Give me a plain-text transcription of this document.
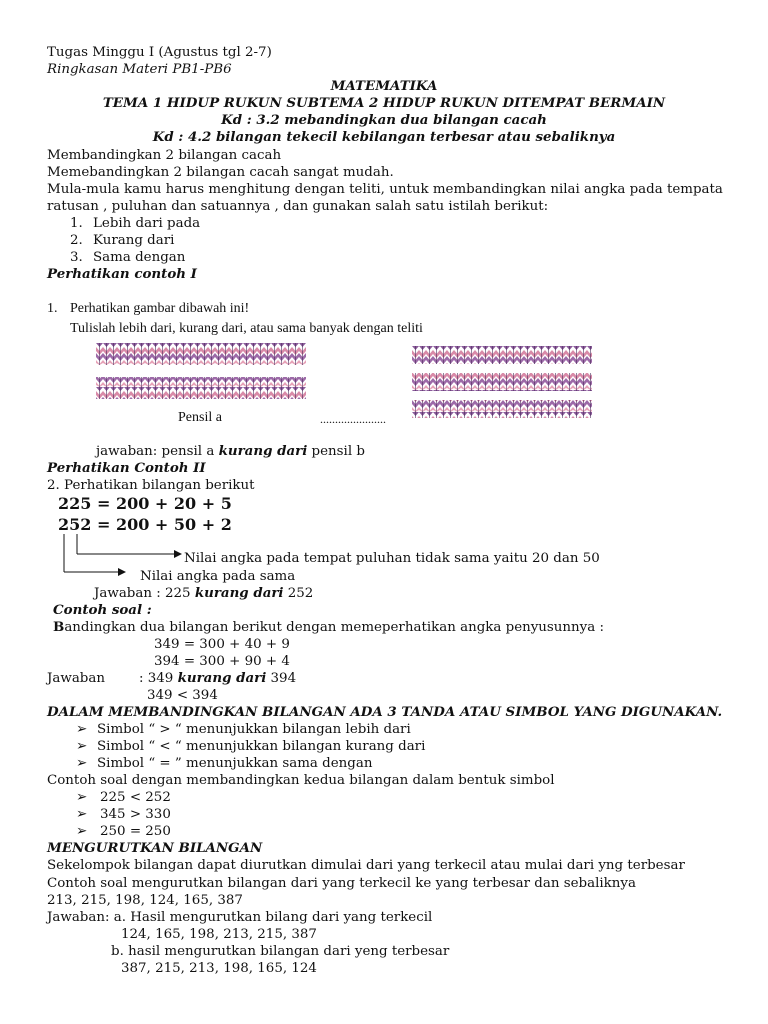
Tugas Minggu I (Agustus tgl 2-7)
Ringkasan Materi PB1-PB6
MATEMATIKA
TEMA 1 HIDUP RUKUN SUBTEMA 2 HIDUP RUKUN DITEMPAT BERMAIN
Kd : 3.2 mebandingkan dua bilangan cacah
Kd : 4.2 bilangan tekecil kebilangan terbesar atau sebaliknya
Membandingkan 2 bilangan cacah
Memebandingkan 2 bilangan cacah sangat mudah.
Mula-mula kamu harus menghitung dengan teliti, untuk membandingkan nilai angka pada tempata
ratusan , puluhan dan satuannya , dan gunakan salah satu istilah berikut:
1. Lebih dari pada
2. Kurang dari
3. Sama dengan
Perhatikan contoh I
1. Perhatikan gambar dibawah ini!
Tulislah lebih dari, kurang dari, atau sama banyak dengan teliti
Pensil a	......................
jawaban: pensil a kurang dari pensil b
Perhatikan Contoh II
2. Perhatikan bilangan berikut
225 = 200 + 20 + 5
252 = 200 + 50 + 2
Nilai angka pada tempat puluhan tidak sama yaitu 20 dan 50
Nilai angka pada sama
Jawaban : 225 kurang dari 252
Contoh soal :
Bandingkan dua bilangan berikut dengan memeperhatikan angka penyusunnya :
349 = 300 + 40 + 9
394 = 300 + 90 + 4
Jawaban	: 349 kurang dari 394
349 < 394
DALAM MEMBANDINGKAN BILANGAN ADA 3 TANDA ATAU SIMBOL YANG DIGUNAKAN.
➢ Simbol “ > “ menunjukkan bilangan lebih dari
➢ Simbol “ < “ menunjukkan bilangan kurang dari
➢ Simbol “ = ” menunjukkan sama dengan
Contoh soal dengan membandingkan kedua bilangan dalam bentuk simbol
➢ 225 < 252
➢ 345 > 330
➢ 250 = 250
MENGURUTKAN BILANGAN
Sekelompok bilangan dapat diurutkan dimulai dari yang terkecil atau mulai dari yng terbesar
Contoh soal mengurutkan bilangan dari yang terkecil ke yang terbesar dan sebaliknya
213, 215, 198, 124, 165, 387
Jawaban: a. Hasil mengurutkan bilang dari yang terkecil
124, 165, 198, 213, 215, 387
b. hasil mengurutkan bilangan dari yeng terbesar
387, 215, 213, 198, 165, 124
